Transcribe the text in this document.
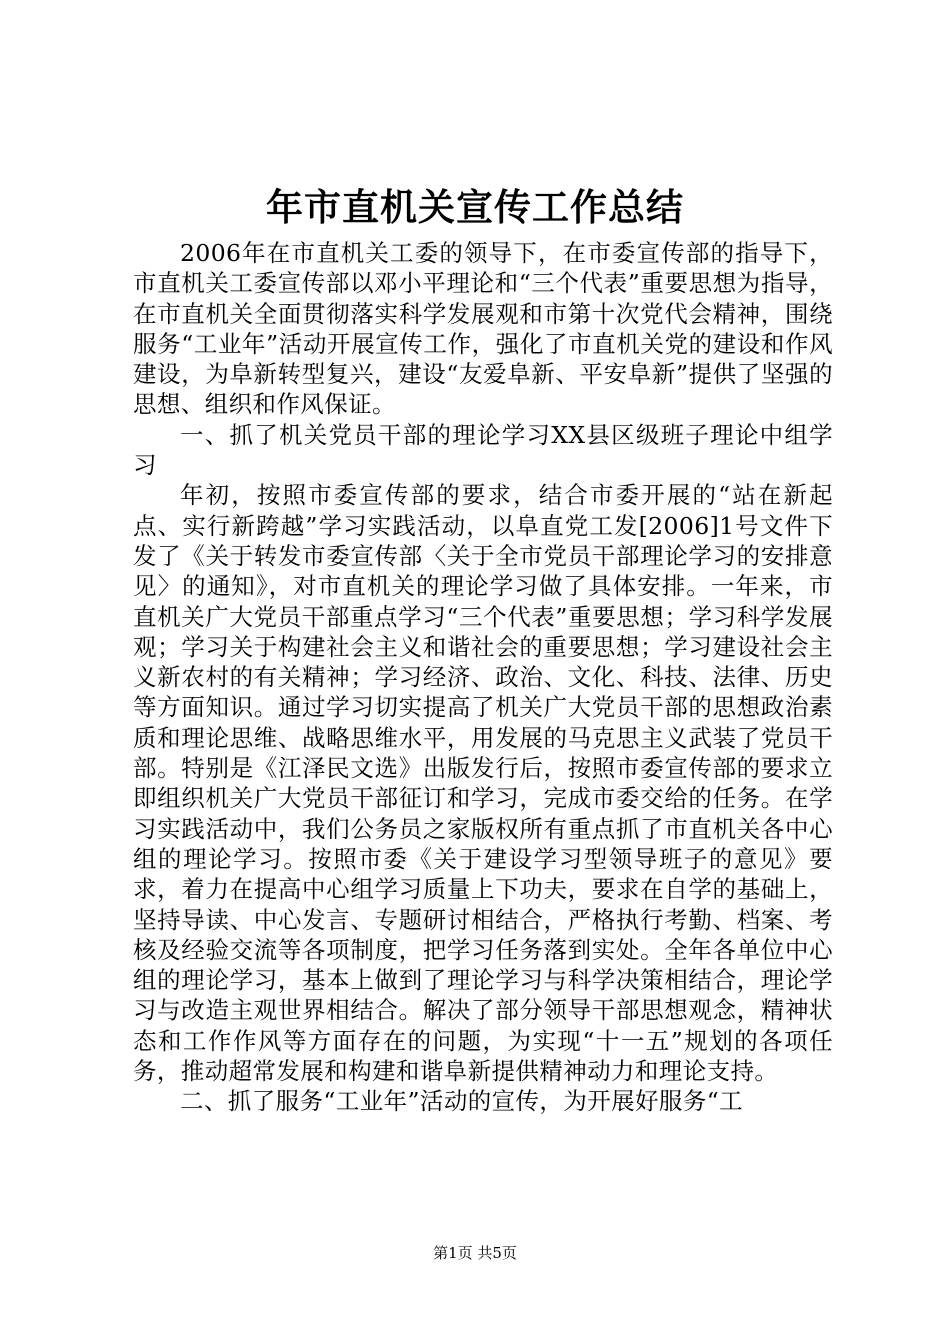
年市直机关宣传工作总结

2006年在市直机关工委的领导下，在市委宣传部的指导下，市直机关工委宣传部以邓小平理论和“三个代表”重要思想为指导，在市直机关全面贯彻落实科学发展观和市第十次党代会精神，围绕服务“工业年”活动开展宣传工作，强化了市直机关党的建设和作风建设，为阜新转型复兴，建设“友爱阜新、平安阜新”提供了坚强的思想、组织和作风保证。

一、抓了机关党员干部的理论学习XX县区级班子理论中组学习

年初，按照市委宣传部的要求，结合市委开展的“站在新起点、实行新跨越”学习实践活动，以阜直党工发[2006]1号文件下发了《关于转发市委宣传部〈关于全市党员干部理论学习的安排意见〉的通知》，对市直机关的理论学习做了具体安排。一年来，市直机关广大党员干部重点学习“三个代表”重要思想；学习科学发展观；学习关于构建社会主义和谐社会的重要思想；学习建设社会主义新农村的有关精神；学习经济、政治、文化、科技、法律、历史等方面知识。通过学习切实提高了机关广大党员干部的思想政治素质和理论思维、战略思维水平，用发展的马克思主义武装了党员干部。特别是《江泽民文选》出版发行后，按照市委宣传部的要求立即组织机关广大党员干部征订和学习，完成市委交给的任务。在学习实践活动中，我们公务员之家版权所有重点抓了市直机关各中心组的理论学习。按照市委《关于建设学习型领导班子的意见》要求，着力在提高中心组学习质量上下功夫，要求在自学的基础上，坚持导读、中心发言、专题研讨相结合，严格执行考勤、档案、考核及经验交流等各项制度，把学习任务落到实处。全年各单位中心组的理论学习，基本上做到了理论学习与科学决策相结合，理论学习与改造主观世界相结合。解决了部分领导干部思想观念，精神状态和工作作风等方面存在的问题，为实现“十一五”规划的各项任务，推动超常发展和构建和谐阜新提供精神动力和理论支持。

二、抓了服务“工业年”活动的宣传，为开展好服务“工

第1页 共5页
